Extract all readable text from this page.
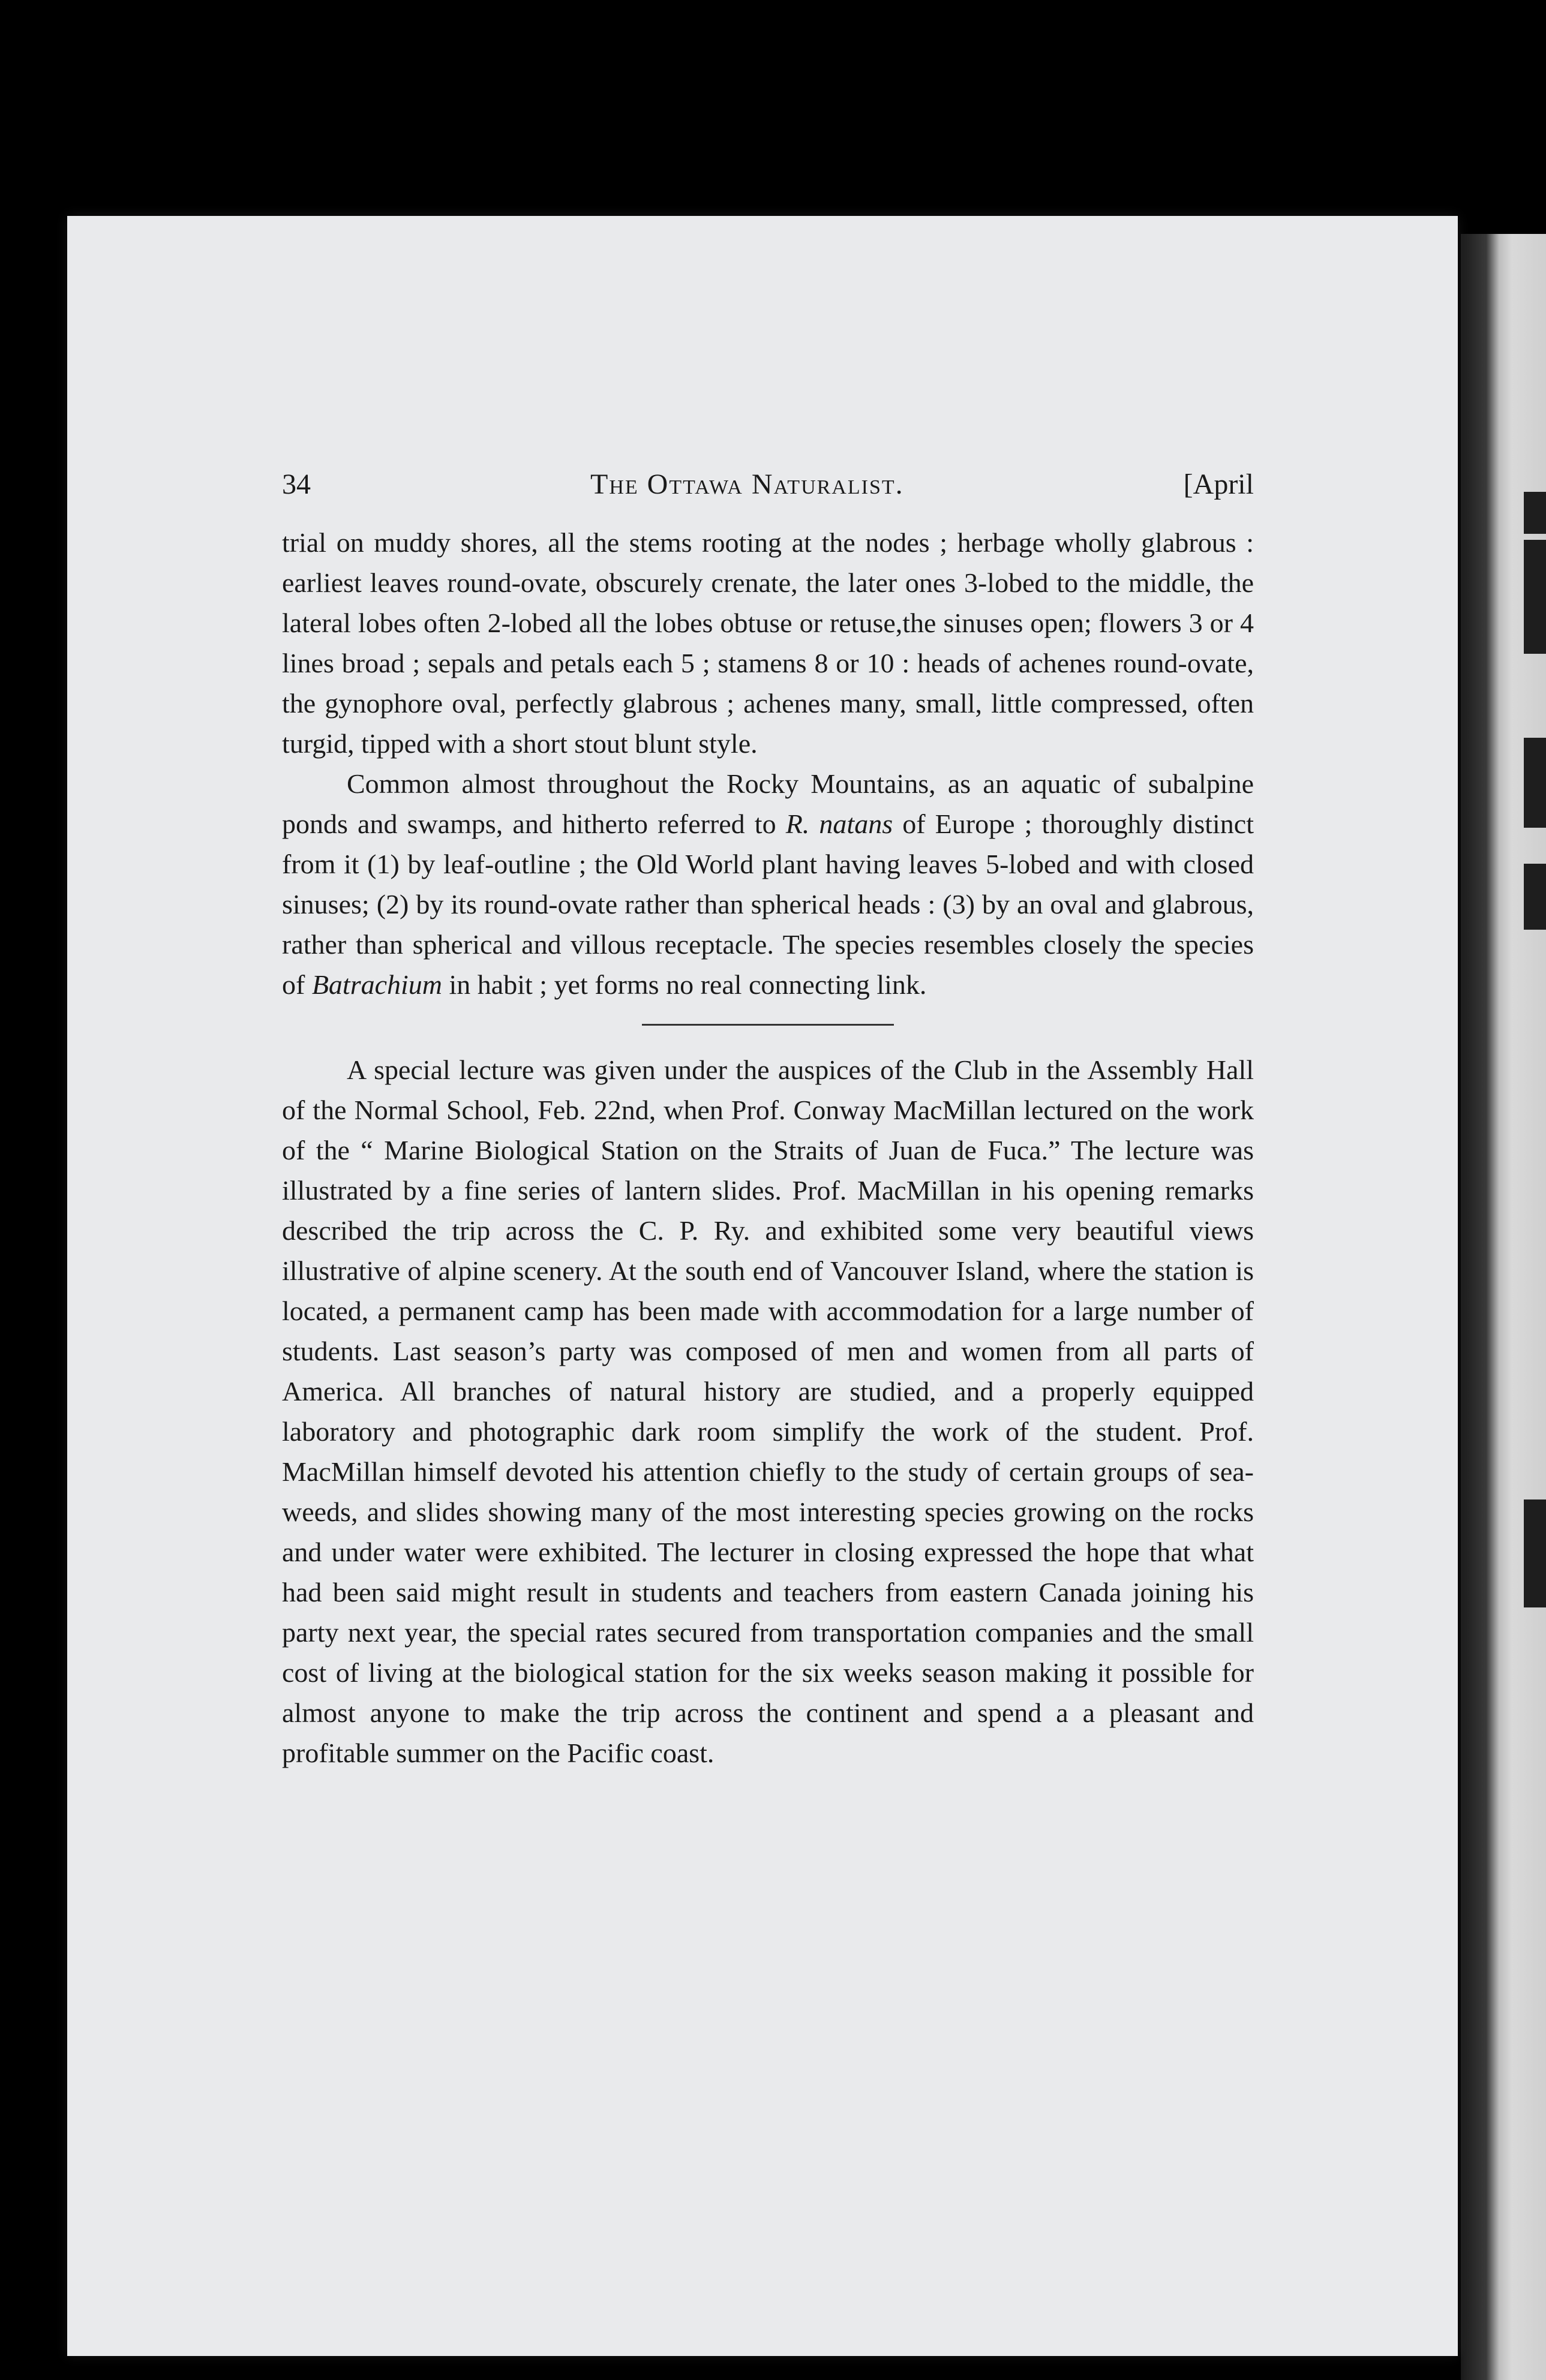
34	The Ottawa Naturalist.	[April

trial on muddy shores, all the stems rooting at the nodes ; herbage wholly glabrous : earliest leaves round-ovate, obscurely crenate, the later ones 3-lobed to the middle, the lateral lobes often 2-lobed all the lobes obtuse or retuse,the sinuses open; flowers 3 or 4 lines broad ; sepals and petals each 5 ; stamens 8 or 10 : heads of achenes round-ovate, the gynophore oval, perfectly glabrous ; achenes many, small, little compressed, often turgid, tipped with a short stout blunt style.

Common almost throughout the Rocky Mountains, as an aquatic of subalpine ponds and swamps, and hitherto referred to R. natans of Europe ; thoroughly distinct from it (1) by leaf-outline ; the Old World plant having leaves 5-lobed and with closed sinuses; (2) by its round-ovate rather than spherical heads : (3) by an oval and glabrous, rather than spherical and villous receptacle. The species resembles closely the species of Batrachium in habit ; yet forms no real connecting link.

A special lecture was given under the auspices of the Club in the Assembly Hall of the Normal School, Feb. 22nd, when Prof. Conway MacMillan lectured on the work of the “ Marine Biological Station on the Straits of Juan de Fuca.” The lecture was illustrated by a fine series of lantern slides. Prof. MacMillan in his opening remarks described the trip across the C. P. Ry. and exhibited some very beautiful views illustrative of alpine scenery. At the south end of Vancouver Island, where the station is located, a permanent camp has been made with accommodation for a large number of students. Last season’s party was composed of men and women from all parts of America. All branches of natural history are studied, and a properly equipped laboratory and photographic dark room simplify the work of the student. Prof. MacMillan himself devoted his attention chiefly to the study of certain groups of sea-weeds, and slides showing many of the most interesting species growing on the rocks and under water were exhibited. The lecturer in closing expressed the hope that what had been said might result in students and teachers from eastern Canada joining his party next year, the special rates secured from transportation companies and the small cost of living at the biological station for the six weeks season making it possible for almost anyone to make the trip across the continent and spend a a pleasant and profitable summer on the Pacific coast.
